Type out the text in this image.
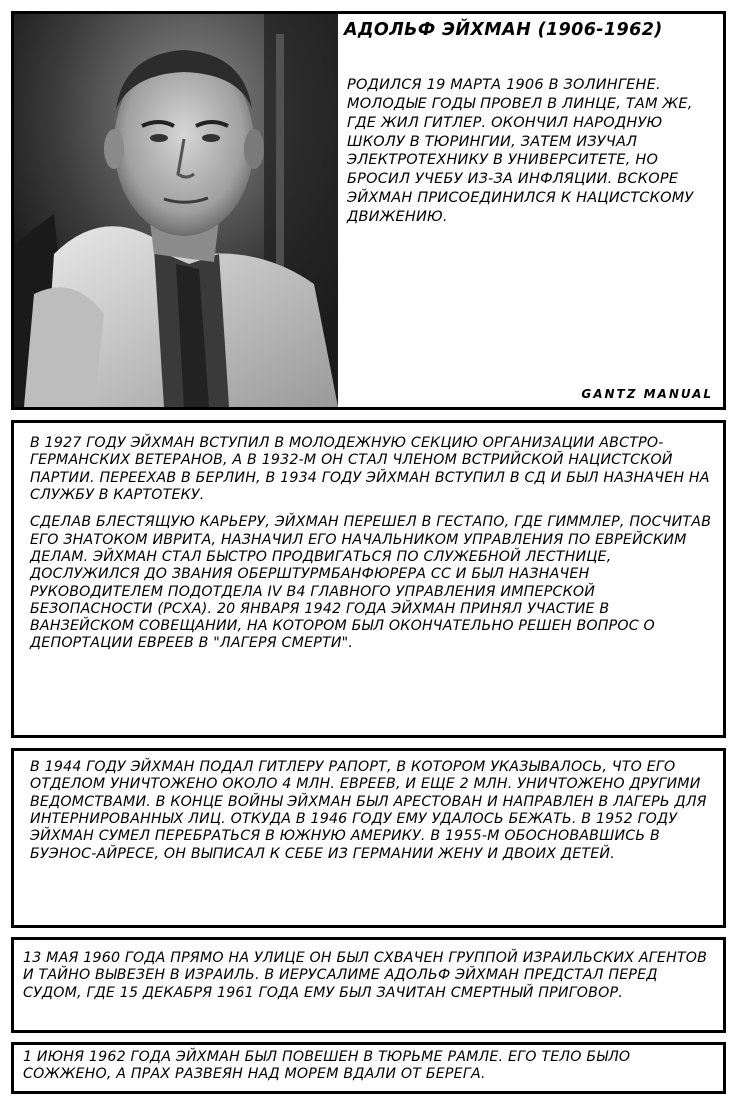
АДОЛЬФ ЭЙХМАН (1906-1962)

РОДИЛСЯ 19 МАРТА 1906 В ЗОЛИНГЕНЕ. МОЛОДЫЕ ГОДЫ ПРОВЕЛ В ЛИНЦЕ, ТАМ ЖЕ, ГДЕ ЖИЛ ГИТЛЕР. ОКОНЧИЛ НАРОДНУЮ ШКОЛУ В ТЮРИНГИИ, ЗАТЕМ ИЗУЧАЛ ЭЛЕКТРОТЕХНИКУ В УНИВЕРСИТЕТЕ, НО БРОСИЛ УЧЕБУ ИЗ-ЗА ИНФЛЯЦИИ. ВСКОРЕ ЭЙХМАН ПРИСОЕДИНИЛСЯ К НАЦИСТСКОМУ ДВИЖЕНИЮ.

GANTZ MANUAL

В 1927 ГОДУ ЭЙХМАН ВСТУПИЛ В МОЛОДЕЖНУЮ СЕКЦИЮ ОРГАНИЗАЦИИ АВСТРО-ГЕРМАНСКИХ ВЕТЕРАНОВ, А В 1932-М ОН СТАЛ ЧЛЕНОМ ВСТРИЙСКОЙ НАЦИСТСКОЙ ПАРТИИ. ПЕРЕЕХАВ В БЕРЛИН, В 1934 ГОДУ ЭЙХМАН ВСТУПИЛ В СД И БЫЛ НАЗНАЧЕН НА СЛУЖБУ В КАРТОТЕКУ.

СДЕЛАВ БЛЕСТЯЩУЮ КАРЬЕРУ, ЭЙХМАН ПЕРЕШЕЛ В ГЕСТАПО, ГДЕ ГИММЛЕР, ПОСЧИТАВ ЕГО ЗНАТОКОМ ИВРИТА, НАЗНАЧИЛ ЕГО НАЧАЛЬНИКОМ УПРАВЛЕНИЯ ПО ЕВРЕЙСКИМ ДЕЛАМ. ЭЙХМАН СТАЛ БЫСТРО ПРОДВИГАТЬСЯ ПО СЛУЖЕБНОЙ ЛЕСТНИЦЕ, ДОСЛУЖИЛСЯ ДО ЗВАНИЯ ОБЕРШТУРМБАНФЮРЕРА СС И БЫЛ НАЗНАЧЕН РУКОВОДИТЕЛЕМ ПОДОТДЕЛА IV B4 ГЛАВНОГО УПРАВЛЕНИЯ ИМПЕРСКОЙ БЕЗОПАСНОСТИ (РСХА). 20 ЯНВАРЯ 1942 ГОДА ЭЙХМАН ПРИНЯЛ УЧАСТИЕ В ВАНЗЕЙСКОМ СОВЕЩАНИИ, НА КОТОРОМ БЫЛ ОКОНЧАТЕЛЬНО РЕШЕН ВОПРОС О ДЕПОРТАЦИИ ЕВРЕЕВ В "ЛАГЕРЯ СМЕРТИ".

В 1944 ГОДУ ЭЙХМАН ПОДАЛ ГИТЛЕРУ РАПОРТ, В КОТОРОМ УКАЗЫВАЛОСЬ, ЧТО ЕГО ОТДЕЛОМ УНИЧТОЖЕНО ОКОЛО 4 МЛН. ЕВРЕЕВ, И ЕЩЕ 2 МЛН. УНИЧТОЖЕНО ДРУГИМИ ВЕДОМСТВАМИ. В КОНЦЕ ВОЙНЫ ЭЙХМАН БЫЛ АРЕСТОВАН И НАПРАВЛЕН В ЛАГЕРЬ ДЛЯ ИНТЕРНИРОВАННЫХ ЛИЦ. ОТКУДА В 1946 ГОДУ ЕМУ УДАЛОСЬ БЕЖАТЬ. В 1952 ГОДУ ЭЙХМАН СУМЕЛ ПЕРЕБРАТЬСЯ В ЮЖНУЮ АМЕРИКУ. В 1955-М ОБОСНОВАВШИСЬ В БУЭНОС-АЙРЕСЕ, ОН ВЫПИСАЛ К СЕБЕ ИЗ ГЕРМАНИИ ЖЕНУ И ДВОИХ ДЕТЕЙ.

13 МАЯ 1960 ГОДА ПРЯМО НА УЛИЦЕ ОН БЫЛ СХВАЧЕН ГРУППОЙ ИЗРАИЛЬСКИХ АГЕНТОВ И ТАЙНО ВЫВЕЗЕН В ИЗРАИЛЬ. В ИЕРУСАЛИМЕ АДОЛЬФ ЭЙХМАН ПРЕДСТАЛ ПЕРЕД СУДОМ, ГДЕ 15 ДЕКАБРЯ 1961 ГОДА ЕМУ БЫЛ ЗАЧИТАН СМЕРТНЫЙ ПРИГОВОР.

1 ИЮНЯ 1962 ГОДА ЭЙХМАН БЫЛ ПОВЕШЕН В ТЮРЬМЕ РАМЛЕ. ЕГО ТЕЛО БЫЛО СОЖЖЕНО, А ПРАХ РАЗВЕЯН НАД МОРЕМ ВДАЛИ ОТ БЕРЕГА.
